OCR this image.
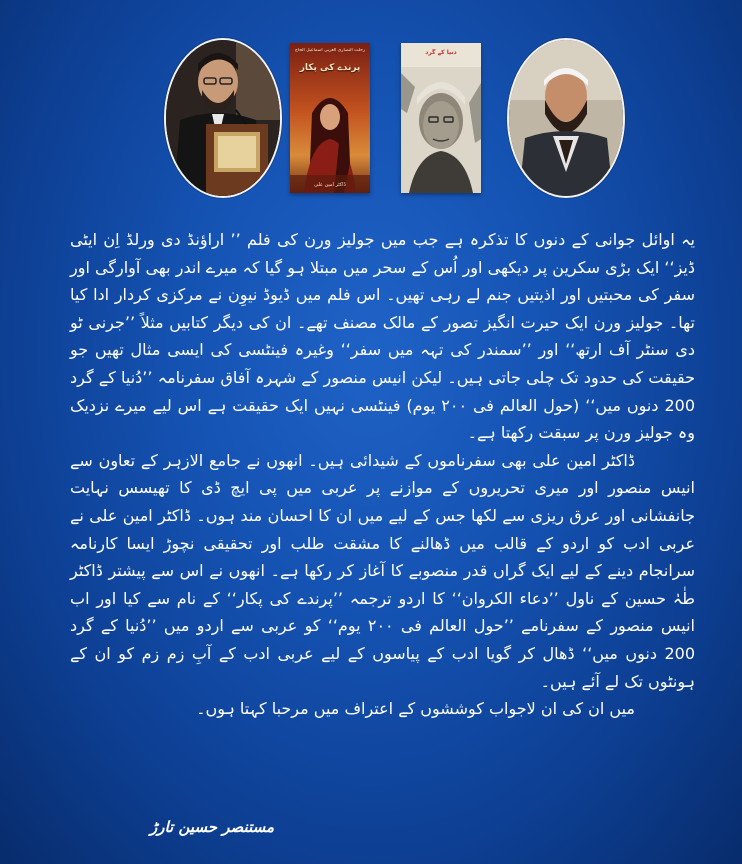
رحلت النصاری العربی اسماعیل الحاج
پرندے کی پکار
ڈاکٹر امین علی
دنیا کے گرد

یہ اوائل جوانی کے دنوں کا تذکرہ ہے جب میں جولیز ورن کی فلم ’’ اراؤنڈ دی ورلڈ اِن ایٹی ڈیز‘‘ ایک بڑی سکرین پر دیکھی اور اُس کے سحر میں مبتلا ہو گیا کہ میرے اندر بھی آوارگی اور سفر کی محبتیں اور اذیتیں جنم لے رہی تھیں۔ اس فلم میں ڈیوڈ نیوِن نے مرکزی کردار ادا کیا تھا۔ جولیز ورن ایک حیرت انگیز تصور کے مالک مصنف تھے۔ ان کی دیگر کتابیں مثلاً ’’جرنی ٹو دی سنٹر آف ارتھ‘‘ اور ’’سمندر کی تہہ میں سفر‘‘ وغیرہ فینٹسی کی ایسی مثال تھیں جو حقیقت کی حدود تک چلی جاتی ہیں۔ لیکن انیس منصور کے شہرہ آفاق سفرنامہ ’’دُنیا کے گرد 200 دنوں میں‘‘ (حول العالم فی ۲۰۰ یوم) فینٹسی نہیں ایک حقیقت ہے اس لیے میرے نزدیک وہ جولیز ورن پر سبقت رکھتا ہے۔

ڈاکٹر امین علی بھی سفرناموں کے شیدائی ہیں۔ انھوں نے جامع الازہر کے تعاون سے انیس منصور اور میری تحریروں کے موازنے پر عربی میں پی ایچ ڈی کا تھیسس نہایت جانفشانی اور عرق ریزی سے لکھا جس کے لیے میں ان کا احسان مند ہوں۔ ڈاکٹر امین علی نے عربی ادب کو اردو کے قالب میں ڈھالنے کا مشقت طلب اور تحقیقی نچوڑ ایسا کارنامہ سرانجام دینے کے لیے ایک گراں قدر منصوبے کا آغاز کر رکھا ہے۔ انھوں نے اس سے پیشتر ڈاکٹر طٰہٰ حسین کے ناول ’’دعاء الکروان‘‘ کا اردو ترجمہ ’’پرندے کی پکار‘‘ کے نام سے کیا اور اب انیس منصور کے سفرنامے ’’حول العالم فی ۲۰۰ یوم‘‘ کو عربی سے اردو میں ’’دُنیا کے گرد 200 دنوں میں‘‘ ڈھال کر گویا ادب کے پیاسوں کے لیے عربی ادب کے آبِ زم زم کو ان کے ہونٹوں تک لے آئے ہیں۔

میں ان کی ان لاجواب کوششوں کے اعتراف میں مرحبا کہتا ہوں۔

مستنصر حسین تارڑ
